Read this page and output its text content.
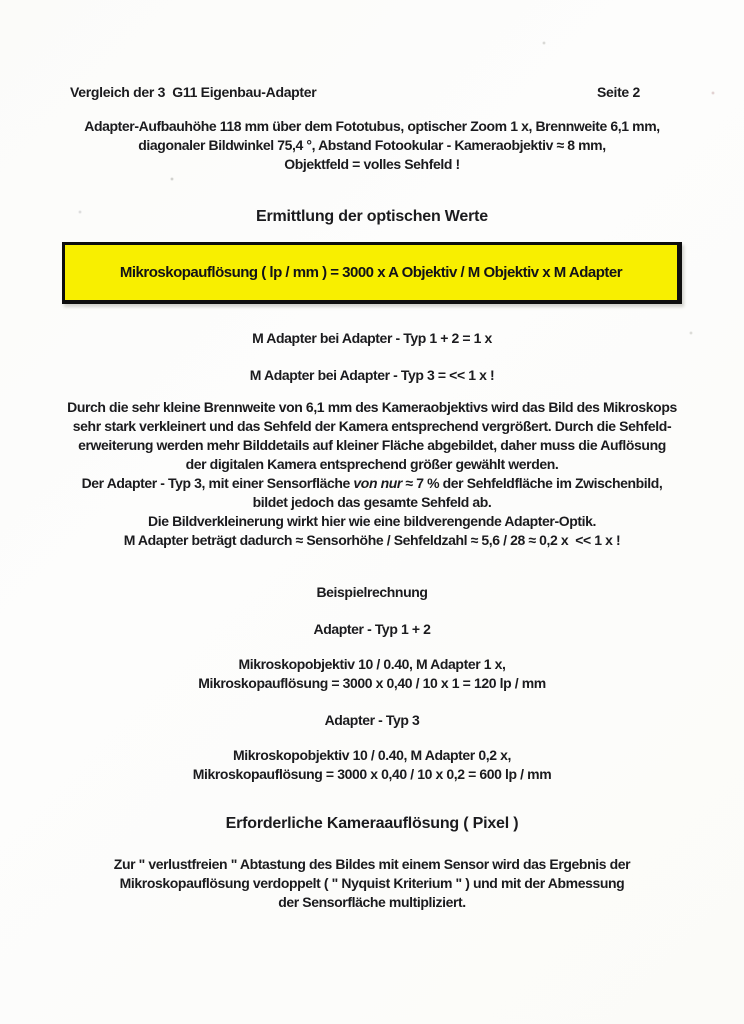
Vergleich der 3  G11 Eigenbau-Adapter	Seite 2
Adapter-Aufbauhöhe 118 mm über dem Fototubus, optischer Zoom 1 x, Brennweite 6,1 mm,
diagonaler Bildwinkel 75,4 °, Abstand Fotookular - Kameraobjektiv ≈ 8 mm,
Objektfeld = volles Sehfeld !
Ermittlung der optischen Werte
Mikroskopauflösung ( lp / mm ) = 3000 x A Objektiv / M Objektiv x M Adapter
M Adapter bei Adapter - Typ 1 + 2 = 1 x
M Adapter bei Adapter - Typ 3 = << 1 x !
Durch die sehr kleine Brennweite von 6,1 mm des Kameraobjektivs wird das Bild des Mikroskops
sehr stark verkleinert und das Sehfeld der Kamera entsprechend vergrößert. Durch die Sehfeld-
erweiterung werden mehr Bilddetails auf kleiner Fläche abgebildet, daher muss die Auflösung
der digitalen Kamera entsprechend größer gewählt werden.
Der Adapter - Typ 3, mit einer Sensorfläche von nur ≈ 7 % der Sehfeldfläche im Zwischenbild,
bildet jedoch das gesamte Sehfeld ab.
Die Bildverkleinerung wirkt hier wie eine bildverengende Adapter-Optik.
M Adapter beträgt dadurch ≈ Sensorhöhe / Sehfeldzahl ≈ 5,6 / 28 ≈ 0,2 x  << 1 x !
Beispielrechnung
Adapter - Typ 1 + 2
Mikroskopobjektiv 10 / 0.40, M Adapter 1 x,
Mikroskopauflösung = 3000 x 0,40 / 10 x 1 = 120 lp / mm
Adapter - Typ 3
Mikroskopobjektiv 10 / 0.40, M Adapter 0,2 x,
Mikroskopauflösung = 3000 x 0,40 / 10 x 0,2 = 600 lp / mm
Erforderliche Kameraauflösung ( Pixel )
Zur " verlustfreien " Abtastung des Bildes mit einem Sensor wird das Ergebnis der
Mikroskopauflösung verdoppelt ( " Nyquist Kriterium " ) und mit der Abmessung
der Sensorfläche multipliziert.
